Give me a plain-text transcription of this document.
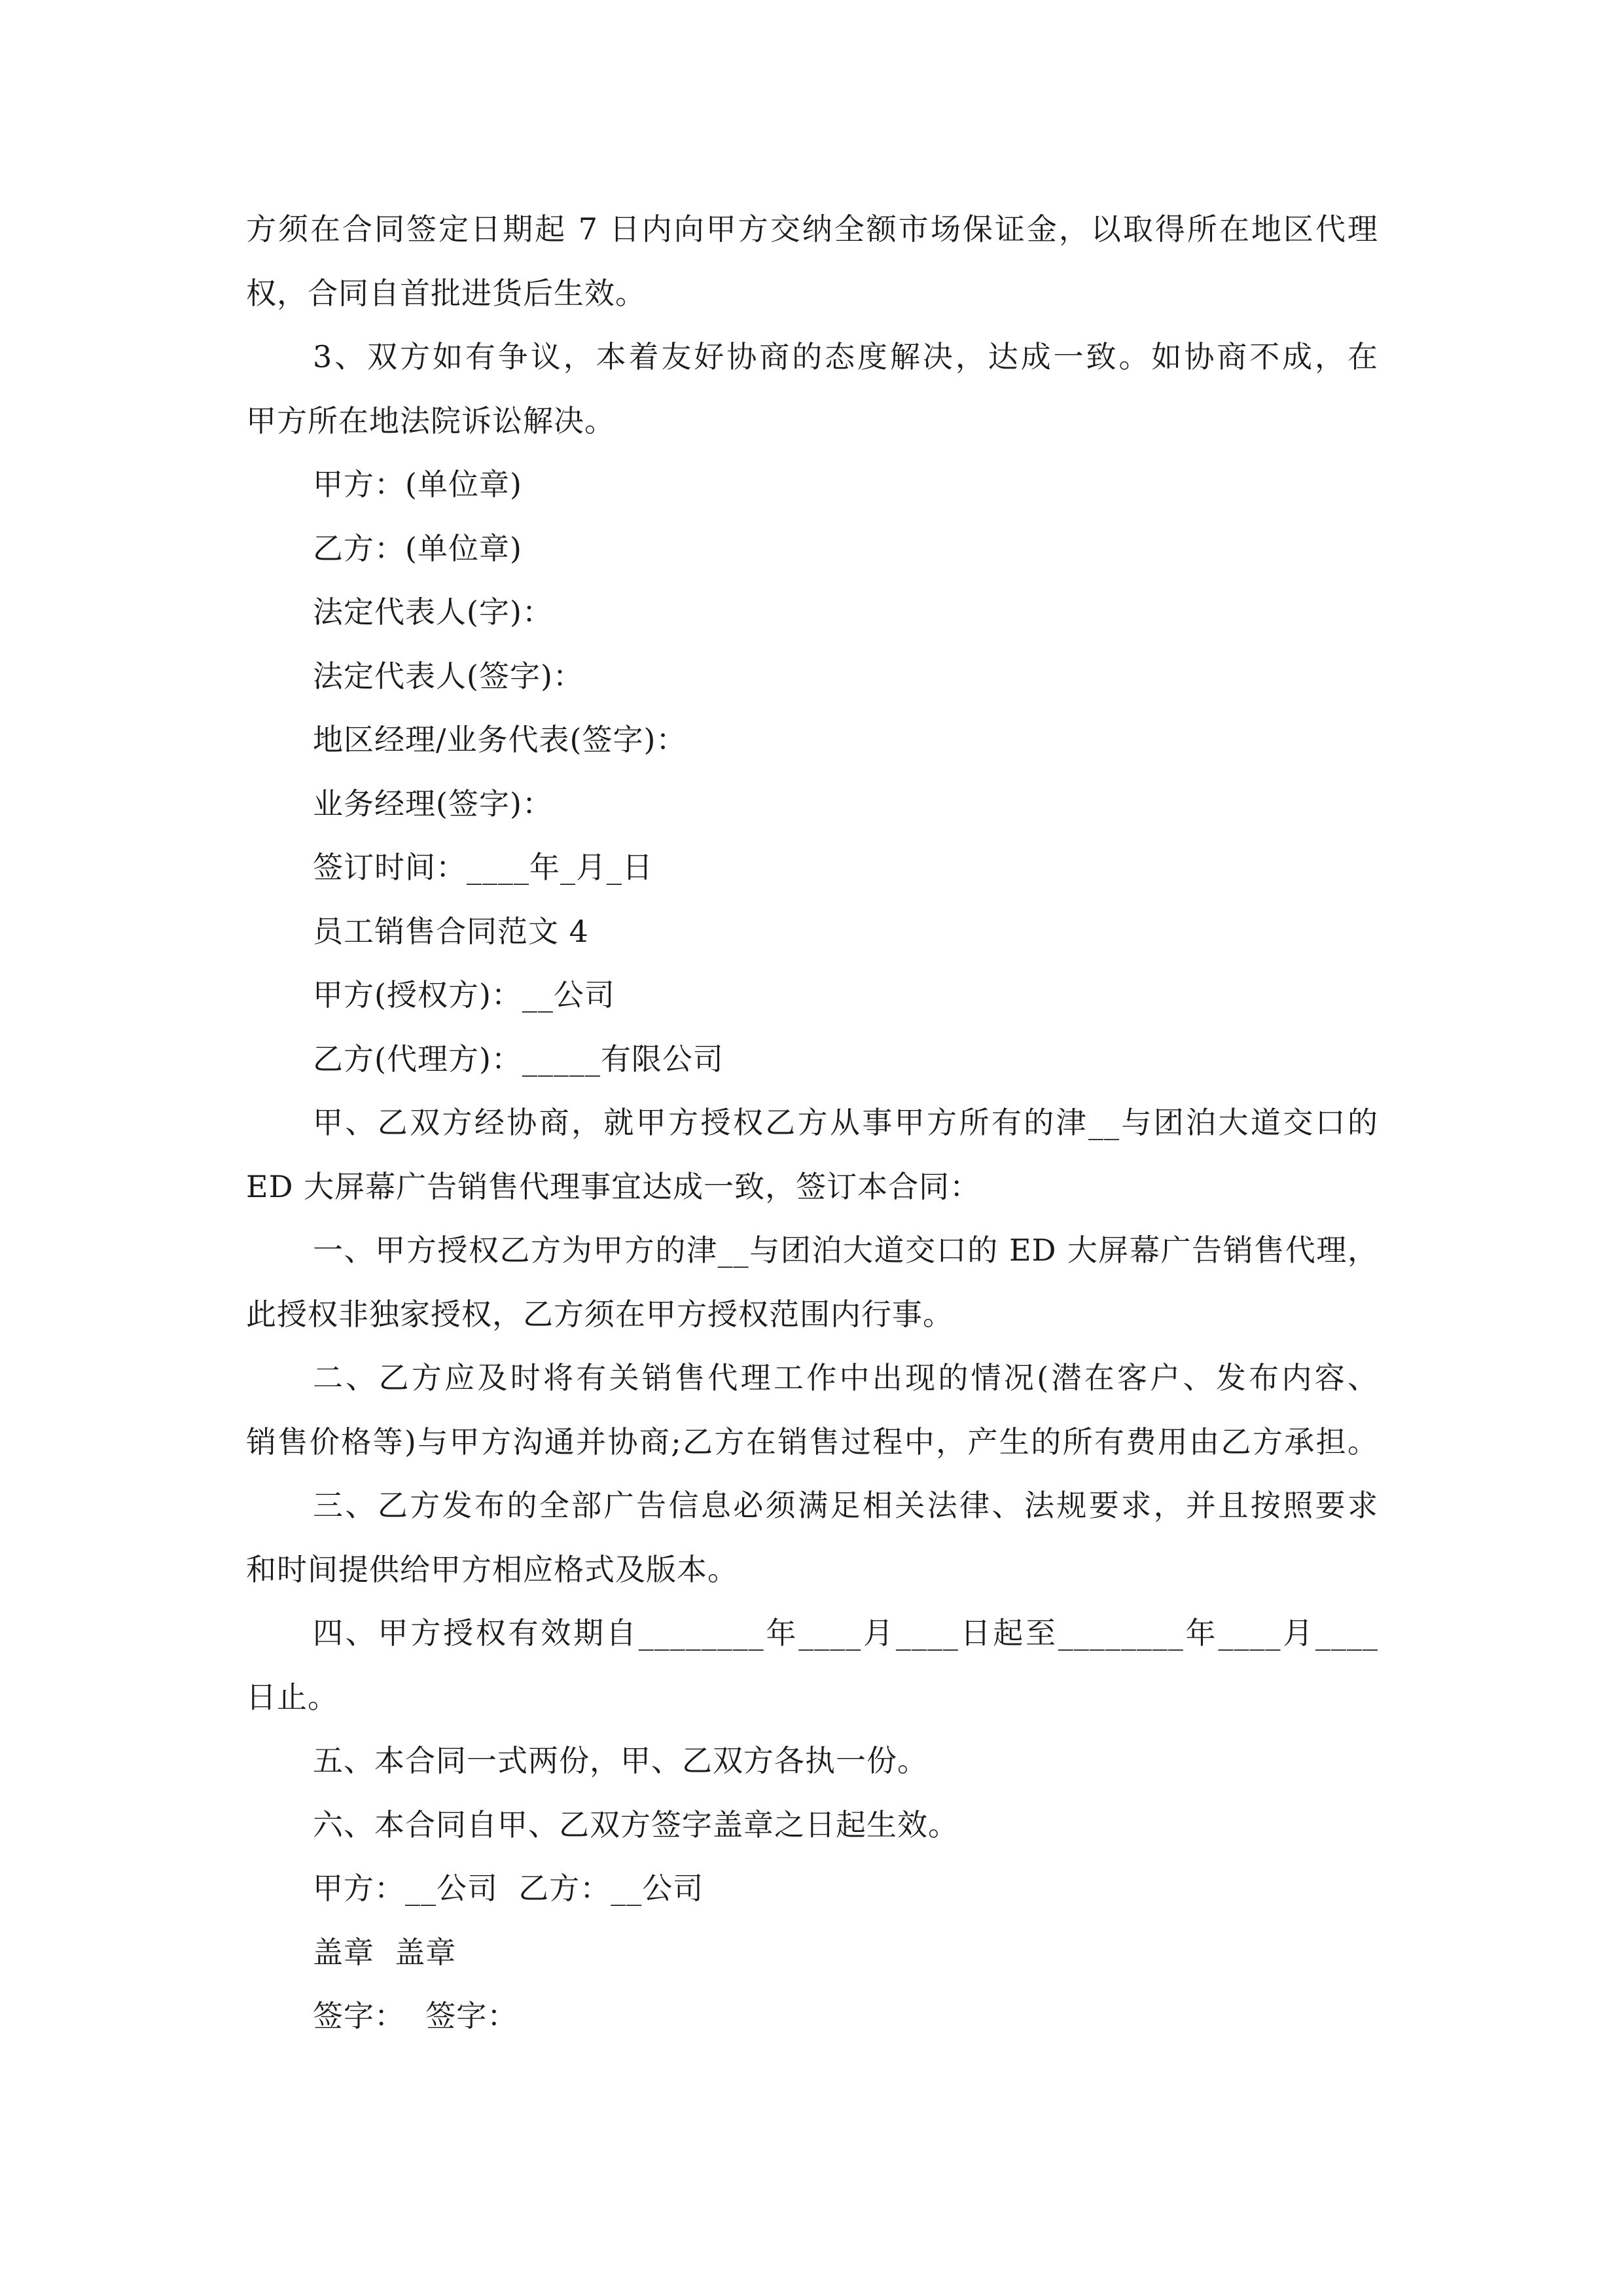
方须在合同签定日期起 7 日内向甲方交纳全额市场保证金，以取得所在地区代理
权，合同自首批进货后生效。
3、双方如有争议，本着友好协商的态度解决，达成一致。如协商不成，在
甲方所在地法院诉讼解决。
甲方：(单位章)
乙方：(单位章)
法定代表人(字)：
法定代表人(签字)：
地区经理/业务代表(签字)：
业务经理(签字)：
签订时间：____年_月_日
员工销售合同范文 4
甲方(授权方)：__公司
乙方(代理方)：_____有限公司
甲、乙双方经协商，就甲方授权乙方从事甲方所有的津__与团泊大道交口的
ED 大屏幕广告销售代理事宜达成一致，签订本合同：
一、甲方授权乙方为甲方的津__与团泊大道交口的 ED 大屏幕广告销售代理，
此授权非独家授权，乙方须在甲方授权范围内行事。
二、乙方应及时将有关销售代理工作中出现的情况(潜在客户、发布内容、
销售价格等)与甲方沟通并协商;乙方在销售过程中，产生的所有费用由乙方承担。
三、乙方发布的全部广告信息必须满足相关法律、法规要求，并且按照要求
和时间提供给甲方相应格式及版本。
四、甲方授权有效期自________年____月____日起至________年____月____
日止。
五、本合同一式两份，甲、乙双方各执一份。
六、本合同自甲、乙双方签字盖章之日起生效。
甲方：__公司  乙方：__公司
盖章  盖章
签字：  签字：
